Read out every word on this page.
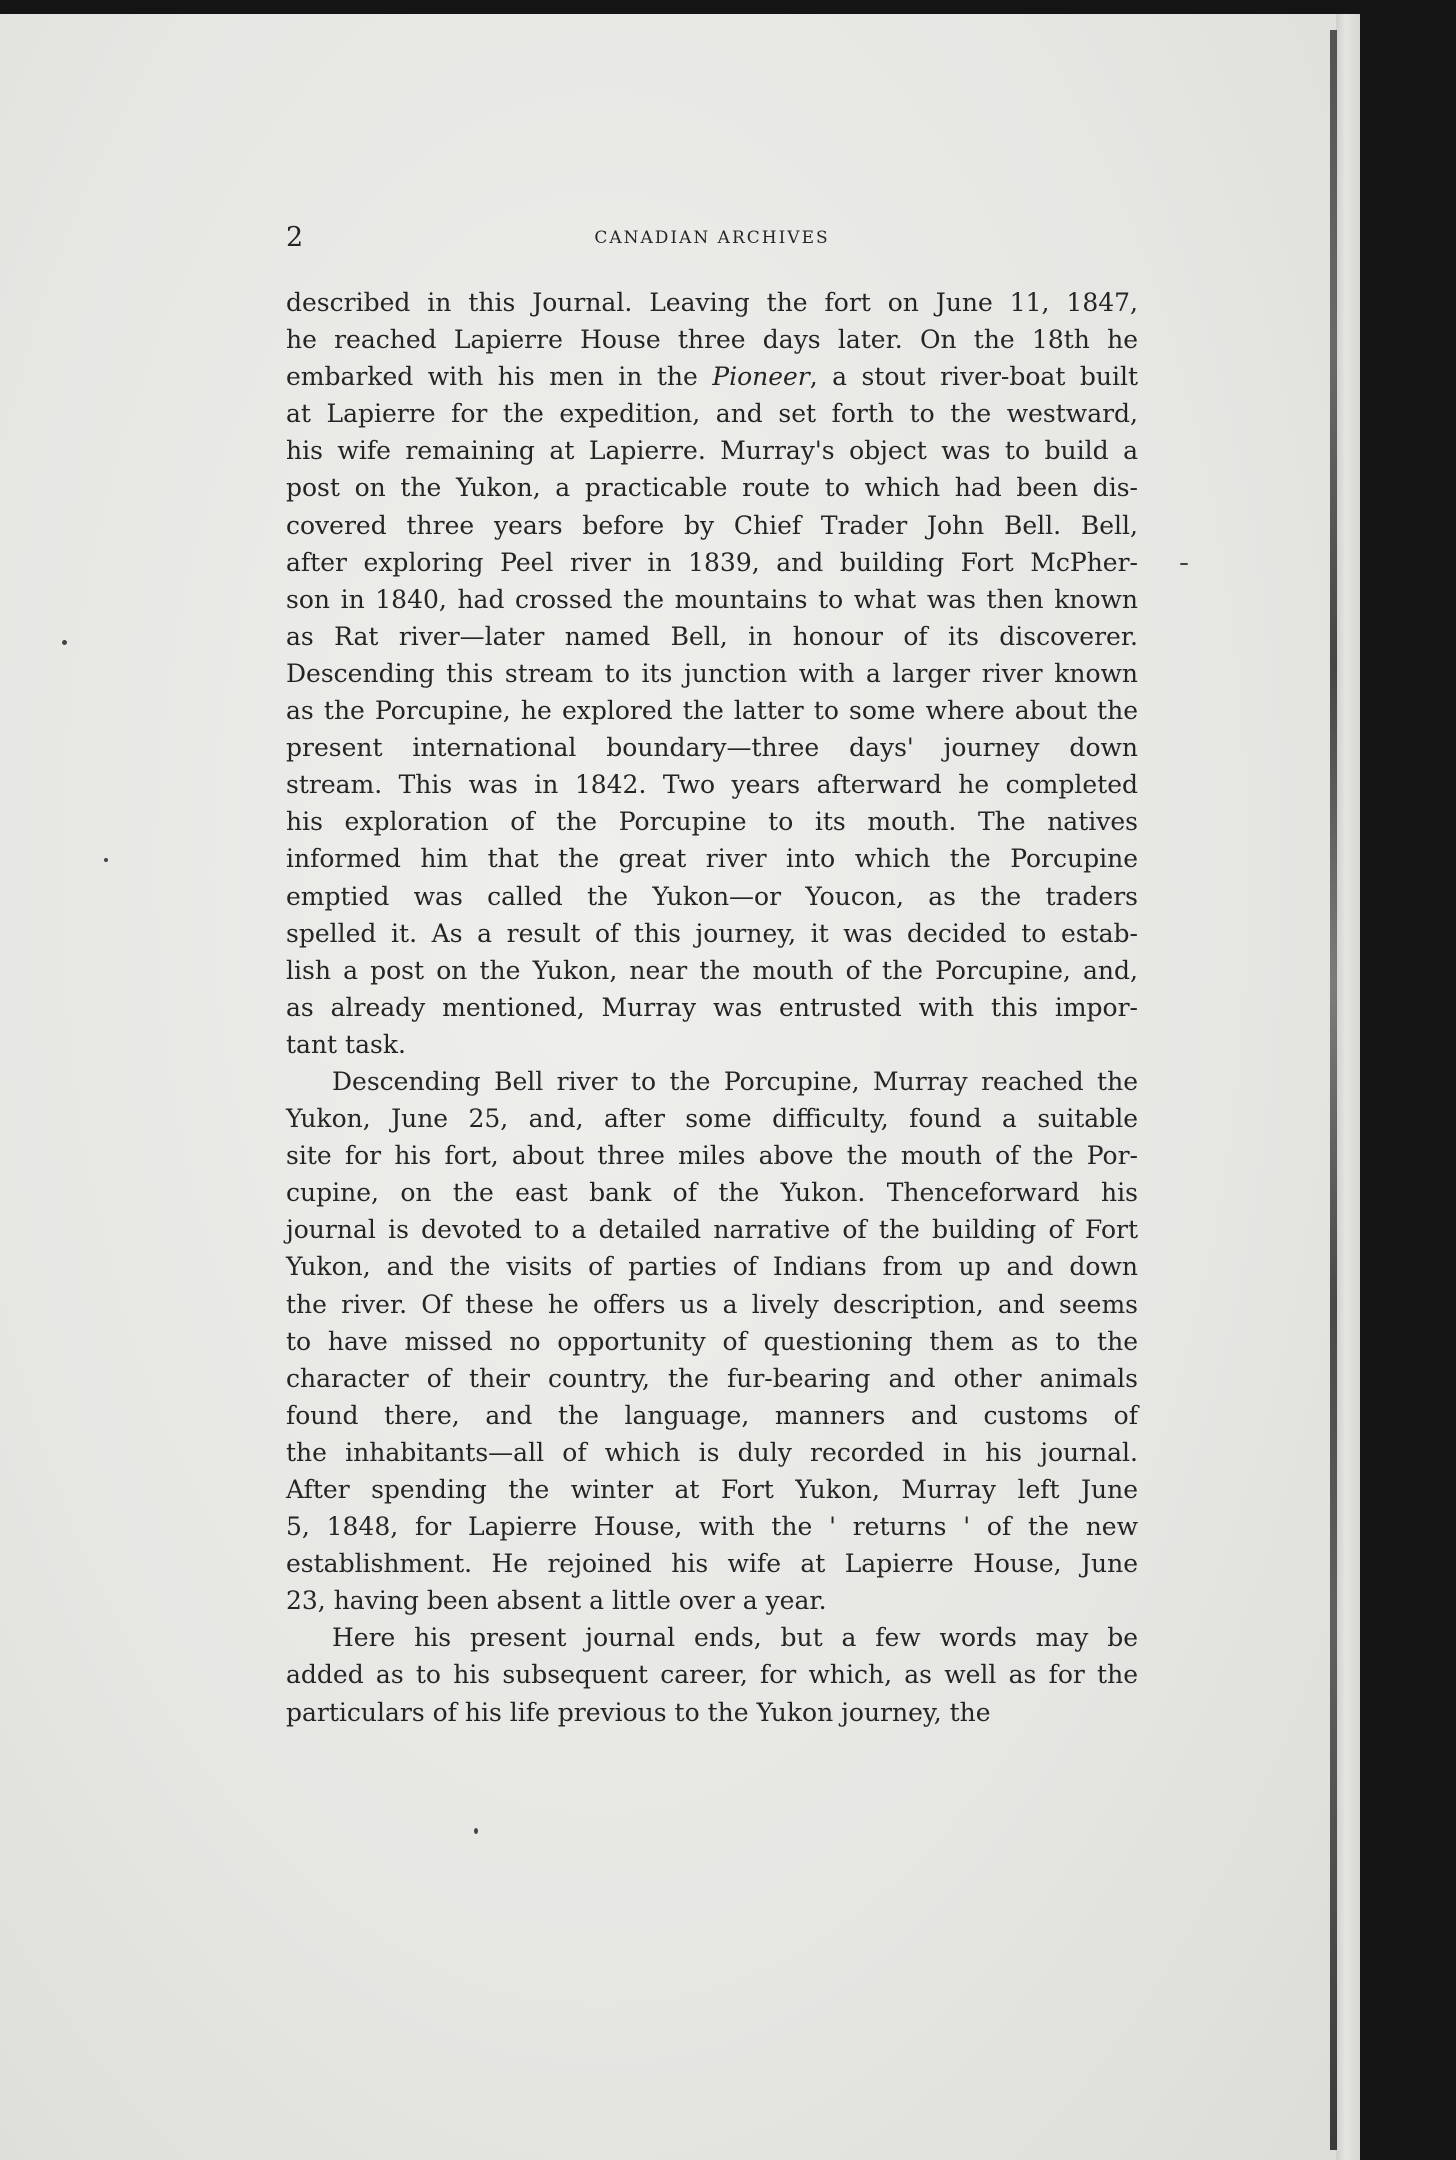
2	CANADIAN ARCHIVES
described in this Journal. Leaving the fort on June 11, 1847,
he reached Lapierre House three days later. On the 18th he
embarked with his men in the Pioneer, a stout river-boat built
at Lapierre for the expedition, and set forth to the westward,
his wife remaining at Lapierre. Murray's object was to build a
post on the Yukon, a practicable route to which had been dis-
covered three years before by Chief Trader John Bell. Bell,
after exploring Peel river in 1839, and building Fort McPher-
son in 1840, had crossed the mountains to what was then known
as Rat river—later named Bell, in honour of its discoverer.
Descending this stream to its junction with a larger river known
as the Porcupine, he explored the latter to some where about the
present international boundary—three days' journey down
stream. This was in 1842. Two years afterward he completed
his exploration of the Porcupine to its mouth. The natives
informed him that the great river into which the Porcupine
emptied was called the Yukon—or Youcon, as the traders
spelled it. As a result of this journey, it was decided to estab-
lish a post on the Yukon, near the mouth of the Porcupine, and,
as already mentioned, Murray was entrusted with this impor-
tant task.
Descending Bell river to the Porcupine, Murray reached the
Yukon, June 25, and, after some difficulty, found a suitable
site for his fort, about three miles above the mouth of the Por-
cupine, on the east bank of the Yukon. Thenceforward his
journal is devoted to a detailed narrative of the building of Fort
Yukon, and the visits of parties of Indians from up and down
the river. Of these he offers us a lively description, and seems
to have missed no opportunity of questioning them as to the
character of their country, the fur-bearing and other animals
found there, and the language, manners and customs of
the inhabitants—all of which is duly recorded in his journal.
After spending the winter at Fort Yukon, Murray left June
5, 1848, for Lapierre House, with the ' returns ' of the new
establishment. He rejoined his wife at Lapierre House, June
23, having been absent a little over a year.
Here his present journal ends, but a few words may be
added as to his subsequent career, for which, as well as for the
particulars of his life previous to the Yukon journey, the
